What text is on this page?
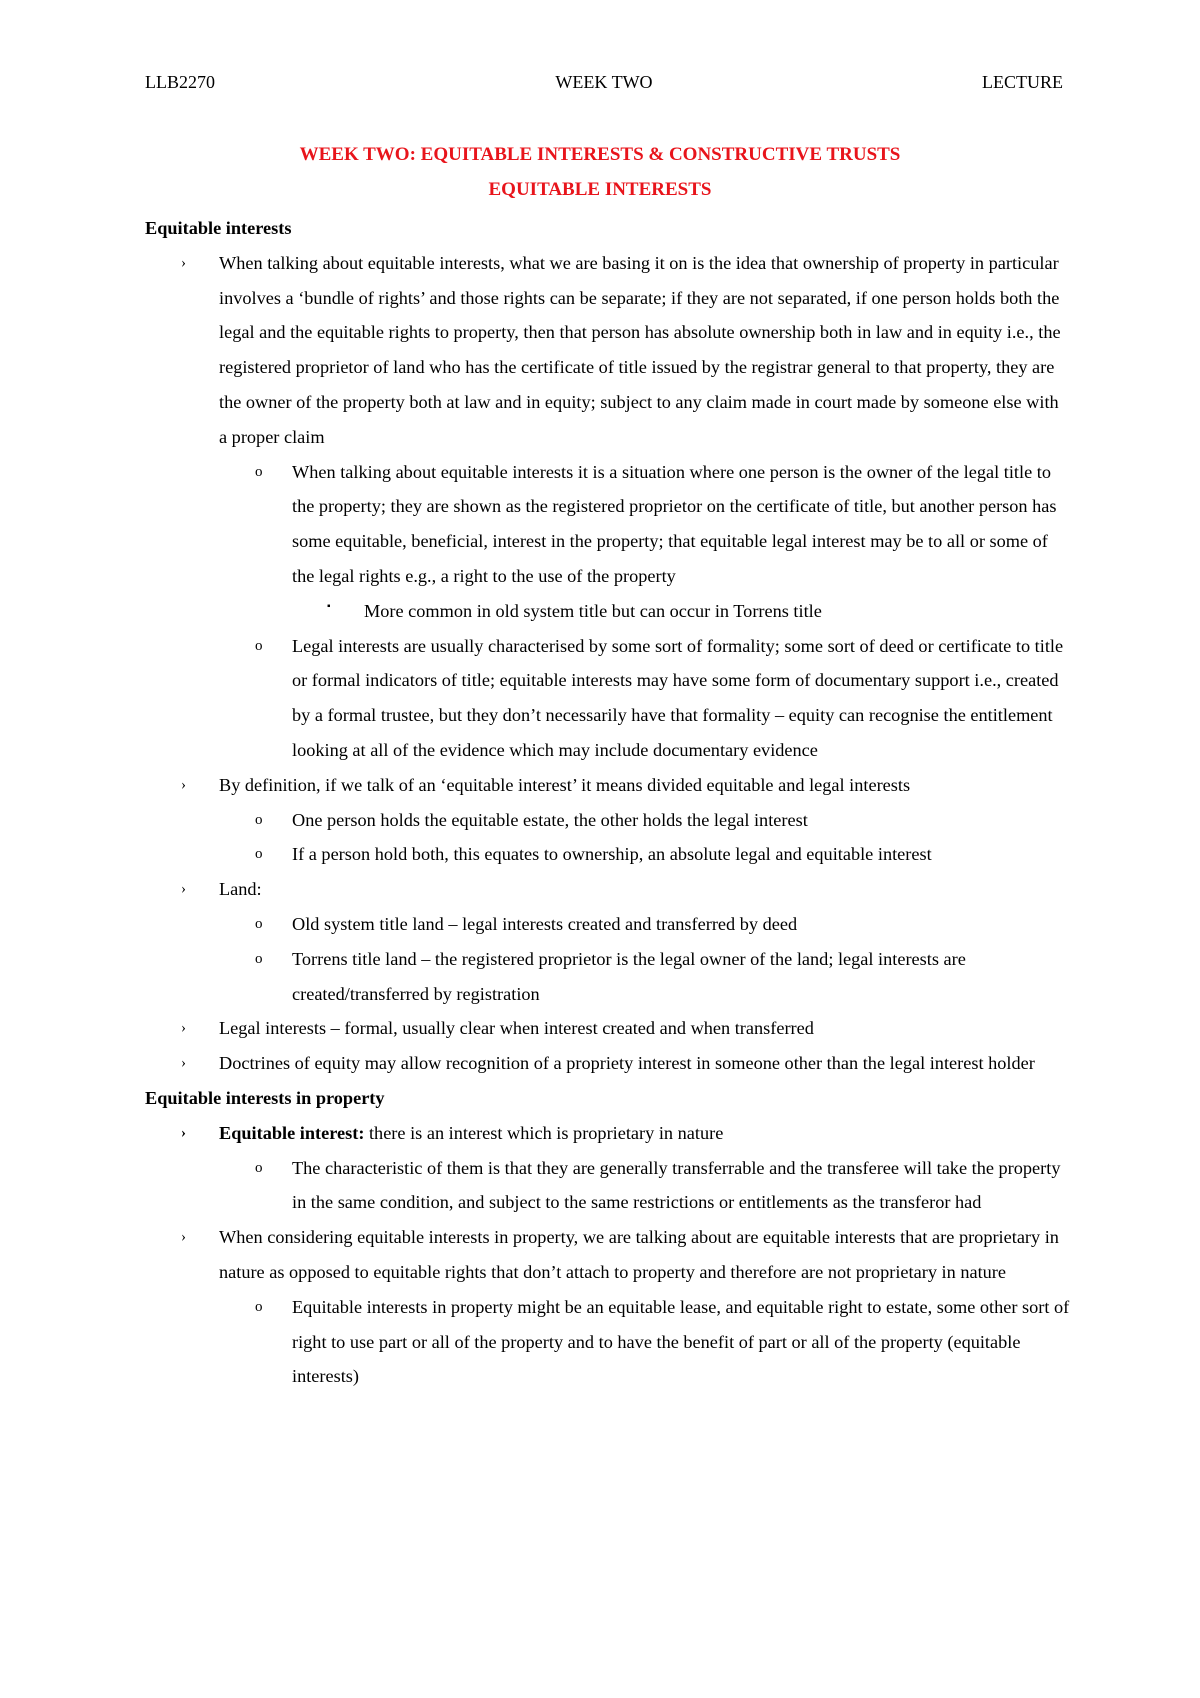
LLB2270	WEEK TWO	LECTURE
WEEK TWO: EQUITABLE INTERESTS & CONSTRUCTIVE TRUSTS
EQUITABLE INTERESTS

Equitable interests

› When talking about equitable interests, what we are basing it on is the idea that ownership of property in particular involves a ‘bundle of rights’ and those rights can be separate; if they are not separated, if one person holds both the legal and the equitable rights to property, then that person has absolute ownership both in law and in equity i.e., the registered proprietor of land who has the certificate of title issued by the registrar general to that property, they are the owner of the property both at law and in equity; subject to any claim made in court made by someone else with a proper claim
o When talking about equitable interests it is a situation where one person is the owner of the legal title to the property; they are shown as the registered proprietor on the certificate of title, but another person has some equitable, beneficial, interest in the property; that equitable legal interest may be to all or some of the legal rights e.g., a right to the use of the property
▪ More common in old system title but can occur in Torrens title
o Legal interests are usually characterised by some sort of formality; some sort of deed or certificate to title or formal indicators of title; equitable interests may have some form of documentary support i.e., created by a formal trustee, but they don’t necessarily have that formality – equity can recognise the entitlement looking at all of the evidence which may include documentary evidence
› By definition, if we talk of an ‘equitable interest’ it means divided equitable and legal interests
o One person holds the equitable estate, the other holds the legal interest
o If a person hold both, this equates to ownership, an absolute legal and equitable interest
› Land:
o Old system title land – legal interests created and transferred by deed
o Torrens title land – the registered proprietor is the legal owner of the land; legal interests are created/transferred by registration
› Legal interests – formal, usually clear when interest created and when transferred
› Doctrines of equity may allow recognition of a propriety interest in someone other than the legal interest holder

Equitable interests in property

› Equitable interest: there is an interest which is proprietary in nature
o The characteristic of them is that they are generally transferrable and the transferee will take the property in the same condition, and subject to the same restrictions or entitlements as the transferor had
› When considering equitable interests in property, we are talking about are equitable interests that are proprietary in nature as opposed to equitable rights that don’t attach to property and therefore are not proprietary in nature
o Equitable interests in property might be an equitable lease, and equitable right to estate, some other sort of right to use part or all of the property and to have the benefit of part or all of the property (equitable interests)
